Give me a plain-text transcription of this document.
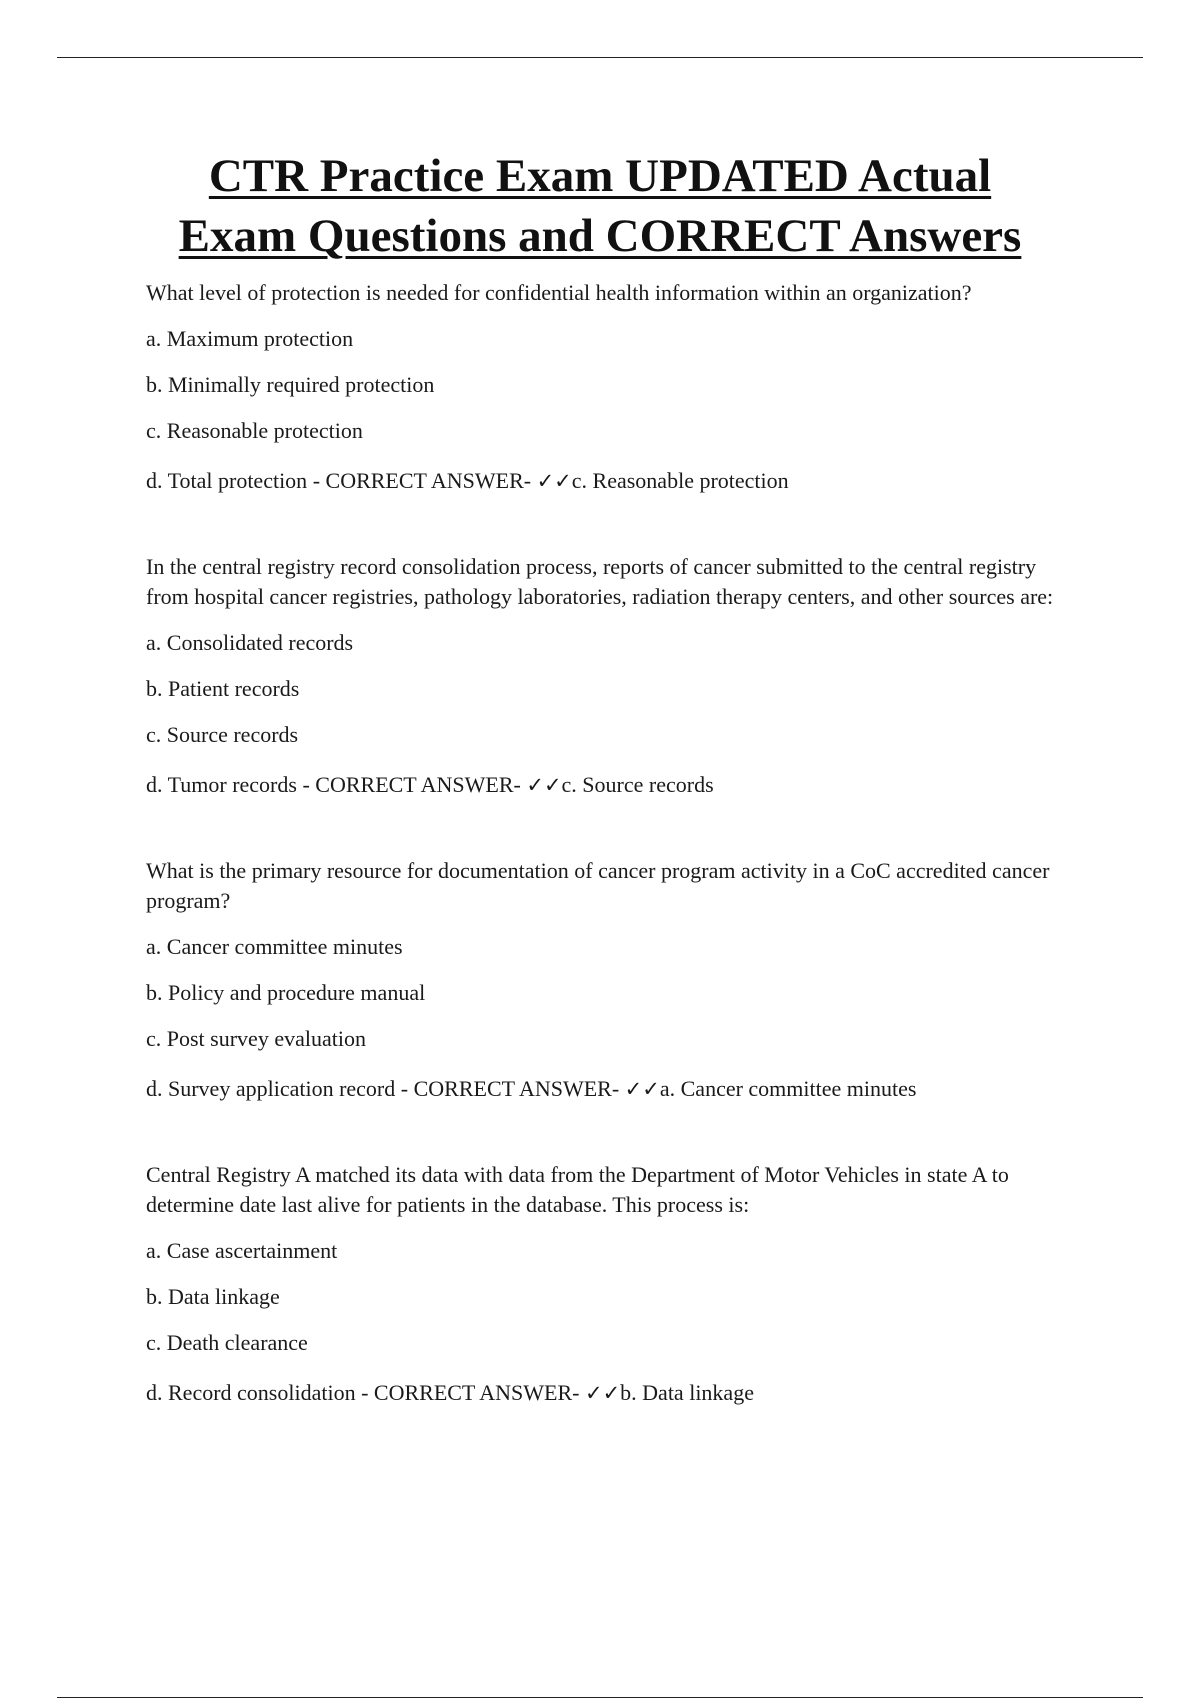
CTR Practice Exam UPDATED Actual
Exam Questions and CORRECT Answers

What level of protection is needed for confidential health information within an organization?

a. Maximum protection

b. Minimally required protection

c. Reasonable protection

d. Total protection - CORRECT ANSWER- ✓✓c. Reasonable protection

In the central registry record consolidation process, reports of cancer submitted to the central registry from hospital cancer registries, pathology laboratories, radiation therapy centers, and other sources are:

a. Consolidated records

b. Patient records

c. Source records

d. Tumor records - CORRECT ANSWER- ✓✓c. Source records

What is the primary resource for documentation of cancer program activity in a CoC accredited cancer program?

a. Cancer committee minutes

b. Policy and procedure manual

c. Post survey evaluation

d. Survey application record - CORRECT ANSWER- ✓✓a. Cancer committee minutes

Central Registry A matched its data with data from the Department of Motor Vehicles in state A to determine date last alive for patients in the database. This process is:

a. Case ascertainment

b. Data linkage

c. Death clearance

d. Record consolidation - CORRECT ANSWER- ✓✓b. Data linkage
